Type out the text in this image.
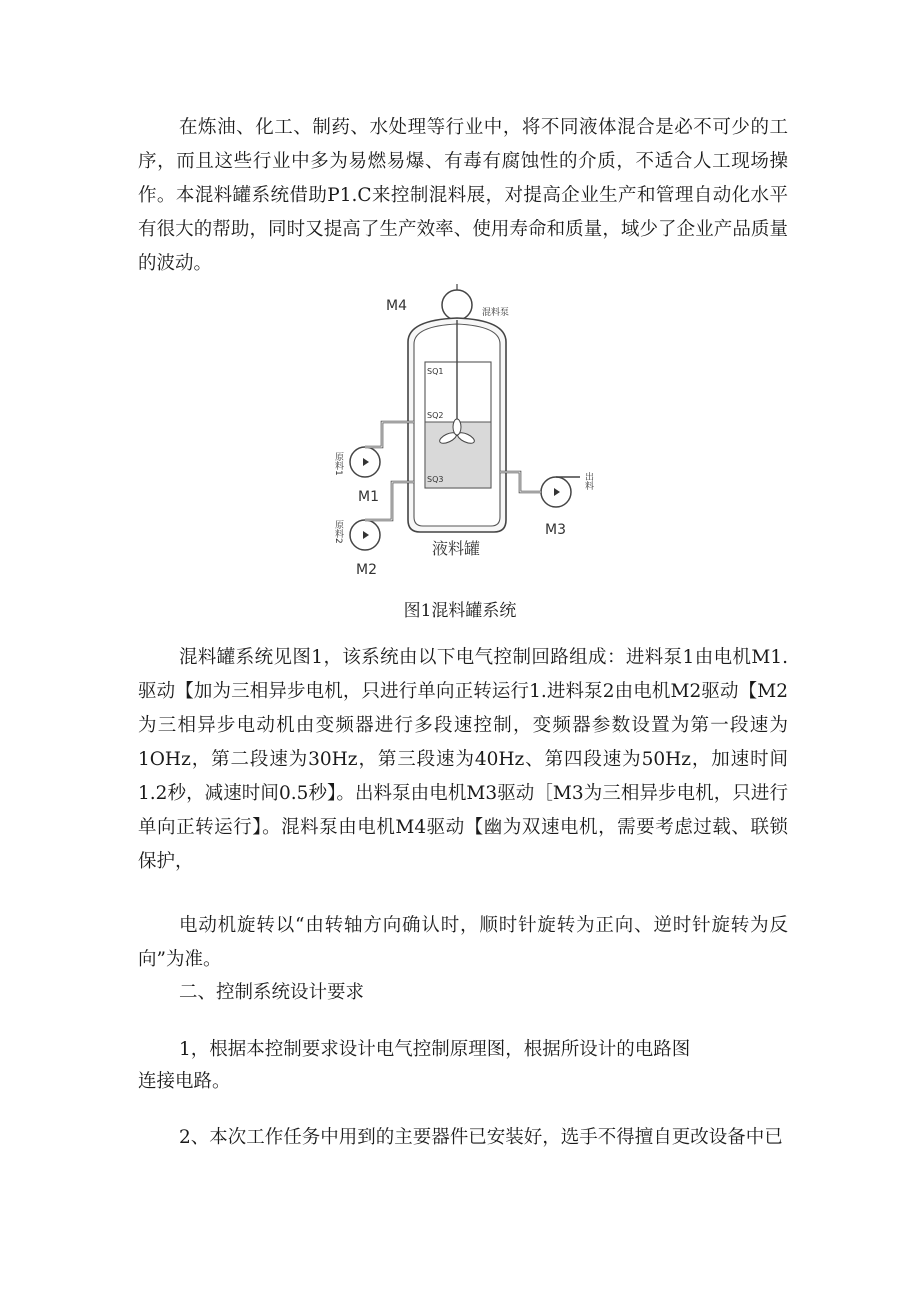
在炼油、化工、制药、水处理等行业中，将不同液体混合是必不可少的工序，而且这些行业中多为易燃易爆、有毒有腐蚀性的介质，不适合人工现场操作。本混料罐系统借助P1.C来控制混料展，对提高企业生产和管理自动化水平有很大的帮助，同时又提高了生产效率、使用寿命和质量，域少了企业产品质量的波动。

M4	混料泵
SQ1
SQ2
SQ3
原料1
M1
原料2
M2
出料
M3
液料罐
图1混料罐系统

混料罐系统见图1，该系统由以下电气控制回路组成：进料泵1由电机M1.驱动【加为三相异步电机，只进行单向正转运行1.进料泵2由电机M2驱动【M2为三相异步电动机由变频器进行多段速控制，变频器参数设置为第一段速为1OHz，第二段速为30Hz，第三段速为40Hz、第四段速为50Hz，加速时间1.2秒，减速时间0.5秒】。出料泵由电机M3驱动［M3为三相异步电机，只进行单向正转运行】。混料泵由电机M4驱动【幽为双速电机，需要考虑过载、联锁保护，

电动机旋转以“由转轴方向确认时，顺时针旋转为正向、逆时针旋转为反向”为准。

二、控制系统设计要求
1，根据本控制要求设计电气控制原理图，根据所设计的电路图
连接电路。
2、本次工作任务中用到的主要器件已安装好，选手不得擅自更改设备中已
